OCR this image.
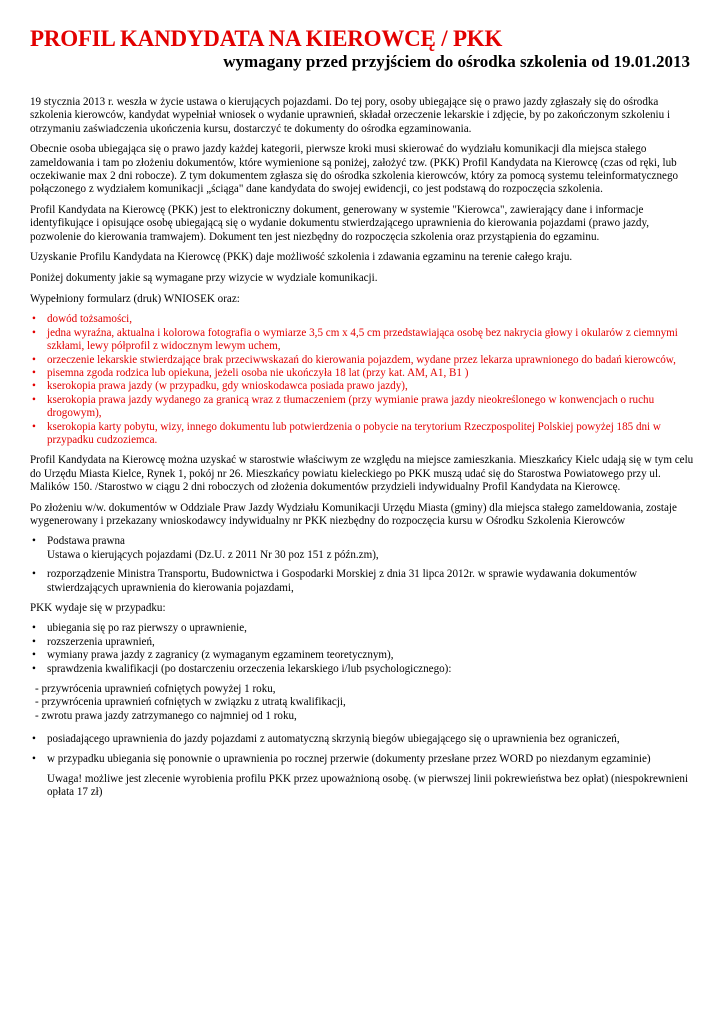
PROFIL KANDYDATA NA KIEROWCĘ / PKK
wymagany przed przyjściem do ośrodka szkolenia od 19.01.2013

19 stycznia 2013 r. weszła w życie ustawa o kierujących pojazdami. Do tej pory, osoby ubiegające się o prawo jazdy zgłaszały się do ośrodka szkolenia kierowców, kandydat wypełniał wniosek o wydanie uprawnień, składał orzeczenie lekarskie i zdjęcie, by po zakończonym szkoleniu i otrzymaniu zaświadczenia ukończenia kursu, dostarczyć te dokumenty do ośrodka egzaminowania.

Obecnie osoba ubiegająca się o prawo jazdy każdej kategorii, pierwsze kroki musi skierować do wydziału komunikacji dla miejsca stałego zameldowania i tam po złożeniu dokumentów, które wymienione są poniżej, założyć tzw. (PKK) Profil Kandydata na Kierowcę (czas od ręki, lub oczekiwanie max 2 dni robocze). Z tym dokumentem zgłasza się do ośrodka szkolenia kierowców, który za pomocą systemu teleinformatycznego połączonego z wydziałem komunikacji „ściąga" dane kandydata do swojej ewidencji, co jest podstawą do rozpoczęcia szkolenia.

Profil Kandydata na Kierowcę (PKK) jest to elektroniczny dokument, generowany w systemie "Kierowca", zawierający dane i informacje identyfikujące i opisujące osobę ubiegającą się o wydanie dokumentu stwierdzającego uprawnienia do kierowania pojazdami (prawo jazdy, pozwolenie do kierowania tramwajem). Dokument ten jest niezbędny do rozpoczęcia szkolenia oraz przystąpienia do egzaminu.

Uzyskanie Profilu Kandydata na Kierowcę (PKK) daje możliwość szkolenia i zdawania egzaminu na terenie całego kraju.

Poniżej dokumenty jakie są wymagane przy wizycie w wydziale komunikacji.

Wypełniony formularz (druk) WNIOSEK oraz:

• dowód tożsamości,
• jedna wyraźna, aktualna i kolorowa fotografia o wymiarze 3,5 cm x 4,5 cm przedstawiająca osobę bez nakrycia głowy i okularów z ciemnymi szkłami, lewy półprofil z widocznym lewym uchem,
• orzeczenie lekarskie stwierdzające brak przeciwwskazań do kierowania pojazdem, wydane przez lekarza uprawnionego do badań kierowców,
• pisemna zgoda rodzica lub opiekuna, jeżeli osoba nie ukończyła 18 lat (przy kat. AM, A1, B1 )
• kserokopia prawa jazdy (w przypadku, gdy wnioskodawca posiada prawo jazdy),
• kserokopia prawa jazdy wydanego za granicą wraz z tłumaczeniem (przy wymianie prawa jazdy nieokreślonego w konwencjach o ruchu drogowym),
• kserokopia karty pobytu, wizy, innego dokumentu lub potwierdzenia o pobycie na terytorium Rzeczpospolitej Polskiej powyżej 185 dni w przypadku cudzoziemca.

Profil Kandydata na Kierowcę można uzyskać w starostwie właściwym ze względu na miejsce zamieszkania. Mieszkańcy Kielc udają się w tym celu do Urzędu Miasta Kielce, Rynek 1, pokój nr 26. Mieszkańcy powiatu kieleckiego po PKK muszą udać się do Starostwa Powiatowego przy ul. Malików 150. /Starostwo w ciągu 2 dni roboczych od złożenia dokumentów przydzieli indywidualny Profil Kandydata na Kierowcę.

Po złożeniu w/w. dokumentów w Oddziale Praw Jazdy Wydziału Komunikacji Urzędu Miasta (gminy) dla miejsca stałego zameldowania, zostaje wygenerowany i przekazany wnioskodawcy indywidualny nr PKK niezbędny do rozpoczęcia kursu w Ośrodku Szkolenia Kierowców

• Podstawa prawna
Ustawa o kierujących pojazdami (Dz.U. z 2011 Nr 30 poz 151 z późn.zm),
• rozporządzenie Ministra Transportu, Budownictwa i Gospodarki Morskiej z dnia 31 lipca 2012r. w sprawie wydawania dokumentów stwierdzających uprawnienia do kierowania pojazdami,

PKK wydaje się w przypadku:

• ubiegania się po raz pierwszy o uprawnienie,
• rozszerzenia uprawnień,
• wymiany prawa jazdy z zagranicy (z wymaganym egzaminem teoretycznym),
• sprawdzenia kwalifikacji (po dostarczeniu orzeczenia lekarskiego i/lub psychologicznego):
- przywrócenia uprawnień cofniętych powyżej 1 roku,
- przywrócenia uprawnień cofniętych w związku z utratą kwalifikacji,
- zwrotu prawa jazdy zatrzymanego co najmniej od 1 roku,
• posiadającego uprawnienia do jazdy pojazdami z automatyczną skrzynią biegów ubiegającego się o uprawnienia bez ograniczeń,
• w przypadku ubiegania się ponownie o uprawnienia po rocznej przerwie (dokumenty przesłane przez WORD po niezdanym egzaminie)
Uwaga! możliwe jest zlecenie wyrobienia profilu PKK przez upoważnioną osobę. (w pierwszej linii pokrewieństwa bez opłat) (niespokrewnieni opłata 17 zł)
